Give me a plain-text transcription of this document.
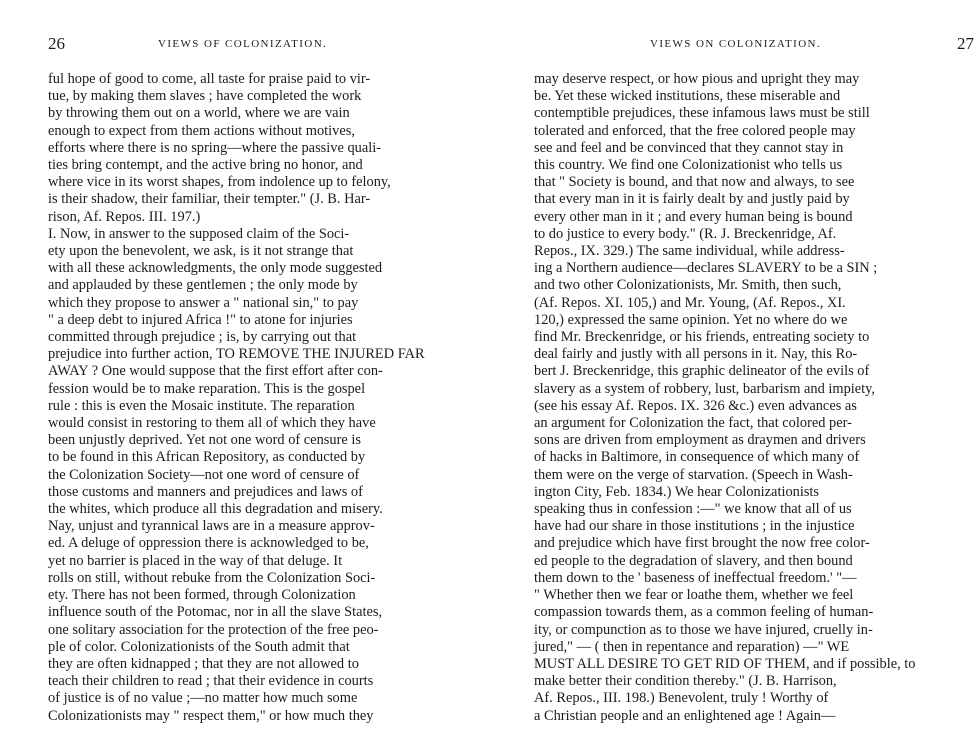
26	VIEWS OF COLONIZATION.
ful hope of good to come, all taste for praise paid to vir-
tue, by making them slaves ; have completed the work
by throwing them out on a world, where we are vain
enough to expect from them actions without motives,
efforts where there is no spring—where the passive quali-
ties bring contempt, and the active bring no honor, and
where vice in its worst shapes, from indolence up to felony,
is their shadow, their familiar, their tempter." (J. B. Har-
rison, Af. Repos. III. 197.)
I. Now, in answer to the supposed claim of the Soci-
ety upon the benevolent, we ask, is it not strange that
with all these acknowledgments, the only mode suggested
and applauded by these gentlemen ; the only mode by
which they propose to answer a " national sin," to pay
" a deep debt to injured Africa !" to atone for injuries
committed through prejudice ; is, by carrying out that
prejudice into further action, TO REMOVE THE INJURED FAR
AWAY ? One would suppose that the first effort after con-
fession would be to make reparation. This is the gospel
rule : this is even the Mosaic institute. The reparation
would consist in restoring to them all of which they have
been unjustly deprived. Yet not one word of censure is
to be found in this African Repository, as conducted by
the Colonization Society—not one word of censure of
those customs and manners and prejudices and laws of
the whites, which produce all this degradation and misery.
Nay, unjust and tyrannical laws are in a measure approv-
ed. A deluge of oppression there is acknowledged to be,
yet no barrier is placed in the way of that deluge. It
rolls on still, without rebuke from the Colonization Soci-
ety. There has not been formed, through Colonization
influence south of the Potomac, nor in all the slave States,
one solitary association for the protection of the free peo-
ple of color. Colonizationists of the South admit that
they are often kidnapped ; that they are not allowed to
teach their children to read ; that their evidence in courts
of justice is of no value ;—no matter how much some
Colonizationists may " respect them," or how much they
VIEWS ON COLONIZATION.	27
may deserve respect, or how pious and upright they may
be. Yet these wicked institutions, these miserable and
contemptible prejudices, these infamous laws must be still
tolerated and enforced, that the free colored people may
see and feel and be convinced that they cannot stay in
this country. We find one Colonizationist who tells us
that " Society is bound, and that now and always, to see
that every man in it is fairly dealt by and justly paid by
every other man in it ; and every human being is bound
to do justice to every body." (R. J. Breckenridge, Af.
Repos., IX. 329.) The same individual, while address-
ing a Northern audience—declares SLAVERY to be a SIN ;
and two other Colonizationists, Mr. Smith, then such,
(Af. Repos. XI. 105,) and Mr. Young, (Af. Repos., XI.
120,) expressed the same opinion. Yet no where do we
find Mr. Breckenridge, or his friends, entreating society to
deal fairly and justly with all persons in it. Nay, this Ro-
bert J. Breckenridge, this graphic delineator of the evils of
slavery as a system of robbery, lust, barbarism and impiety,
(see his essay Af. Repos. IX. 326 &c.) even advances as
an argument for Colonization the fact, that colored per-
sons are driven from employment as draymen and drivers
of hacks in Baltimore, in consequence of which many of
them were on the verge of starvation. (Speech in Wash-
ington City, Feb. 1834.) We hear Colonizationists
speaking thus in confession :—" we know that all of us
have had our share in those institutions ; in the injustice
and prejudice which have first brought the now free color-
ed people to the degradation of slavery, and then bound
them down to the ' baseness of ineffectual freedom.' "—
" Whether then we fear or loathe them, whether we feel
compassion towards them, as a common feeling of human-
ity, or compunction as to those we have injured, cruelly in-
jured," — ( then in repentance and reparation) —" WE
MUST ALL DESIRE TO GET RID OF THEM, and if possible, to
make better their condition thereby." (J. B. Harrison,
Af. Repos., III. 198.) Benevolent, truly ! Worthy of
a Christian people and an enlightened age ! Again—
